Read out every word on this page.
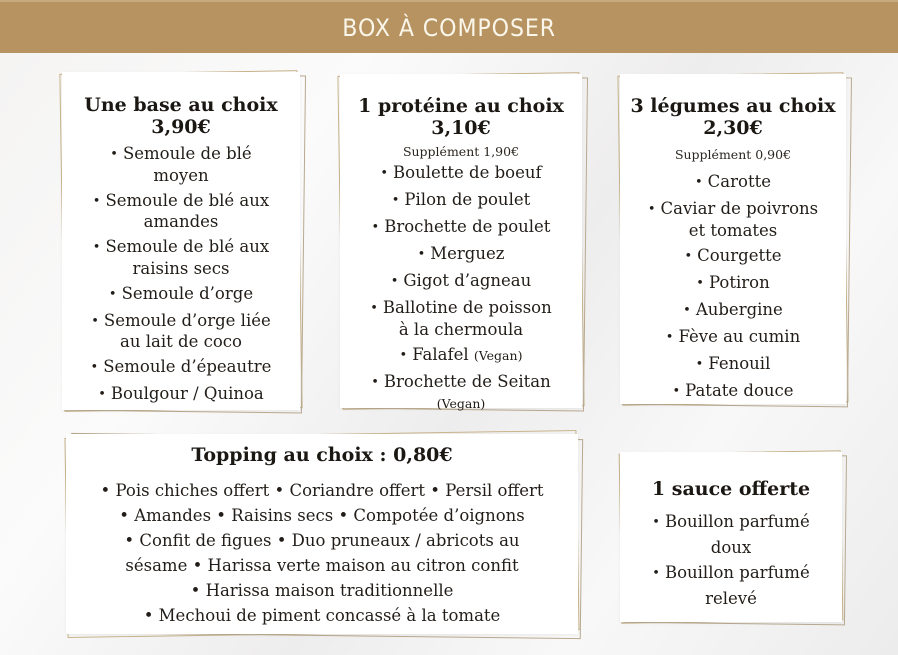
BOX À COMPOSER
Une base au choix
3,90€
• Semoule de blé
moyen
• Semoule de blé aux
amandes
• Semoule de blé aux
raisins secs
• Semoule d’orge
• Semoule d’orge liée
au lait de coco
• Semoule d’épeautre
• Boulgour / Quinoa
1 protéine au choix
3,10€
Supplément 1,90€
• Boulette de boeuf
• Pilon de poulet
• Brochette de poulet
• Merguez
• Gigot d’agneau
• Ballotine de poisson
à la chermoula
• Falafel (Vegan)
• Brochette de Seitan
(Vegan)
3 légumes au choix
2,30€
Supplément 0,90€
• Carotte
• Caviar de poivrons
et tomates
• Courgette
• Potiron
• Aubergine
• Fève au cumin
• Fenouil
• Patate douce
Topping au choix : 0,80€
• Pois chiches offert • Coriandre offert • Persil offert
• Amandes • Raisins secs • Compotée d’oignons
• Confit de figues • Duo pruneaux / abricots au
sésame • Harissa verte maison au citron confit
• Harissa maison traditionnelle
• Mechoui de piment concassé à la tomate
1 sauce offerte
• Bouillon parfumé
doux
• Bouillon parfumé
relevé
